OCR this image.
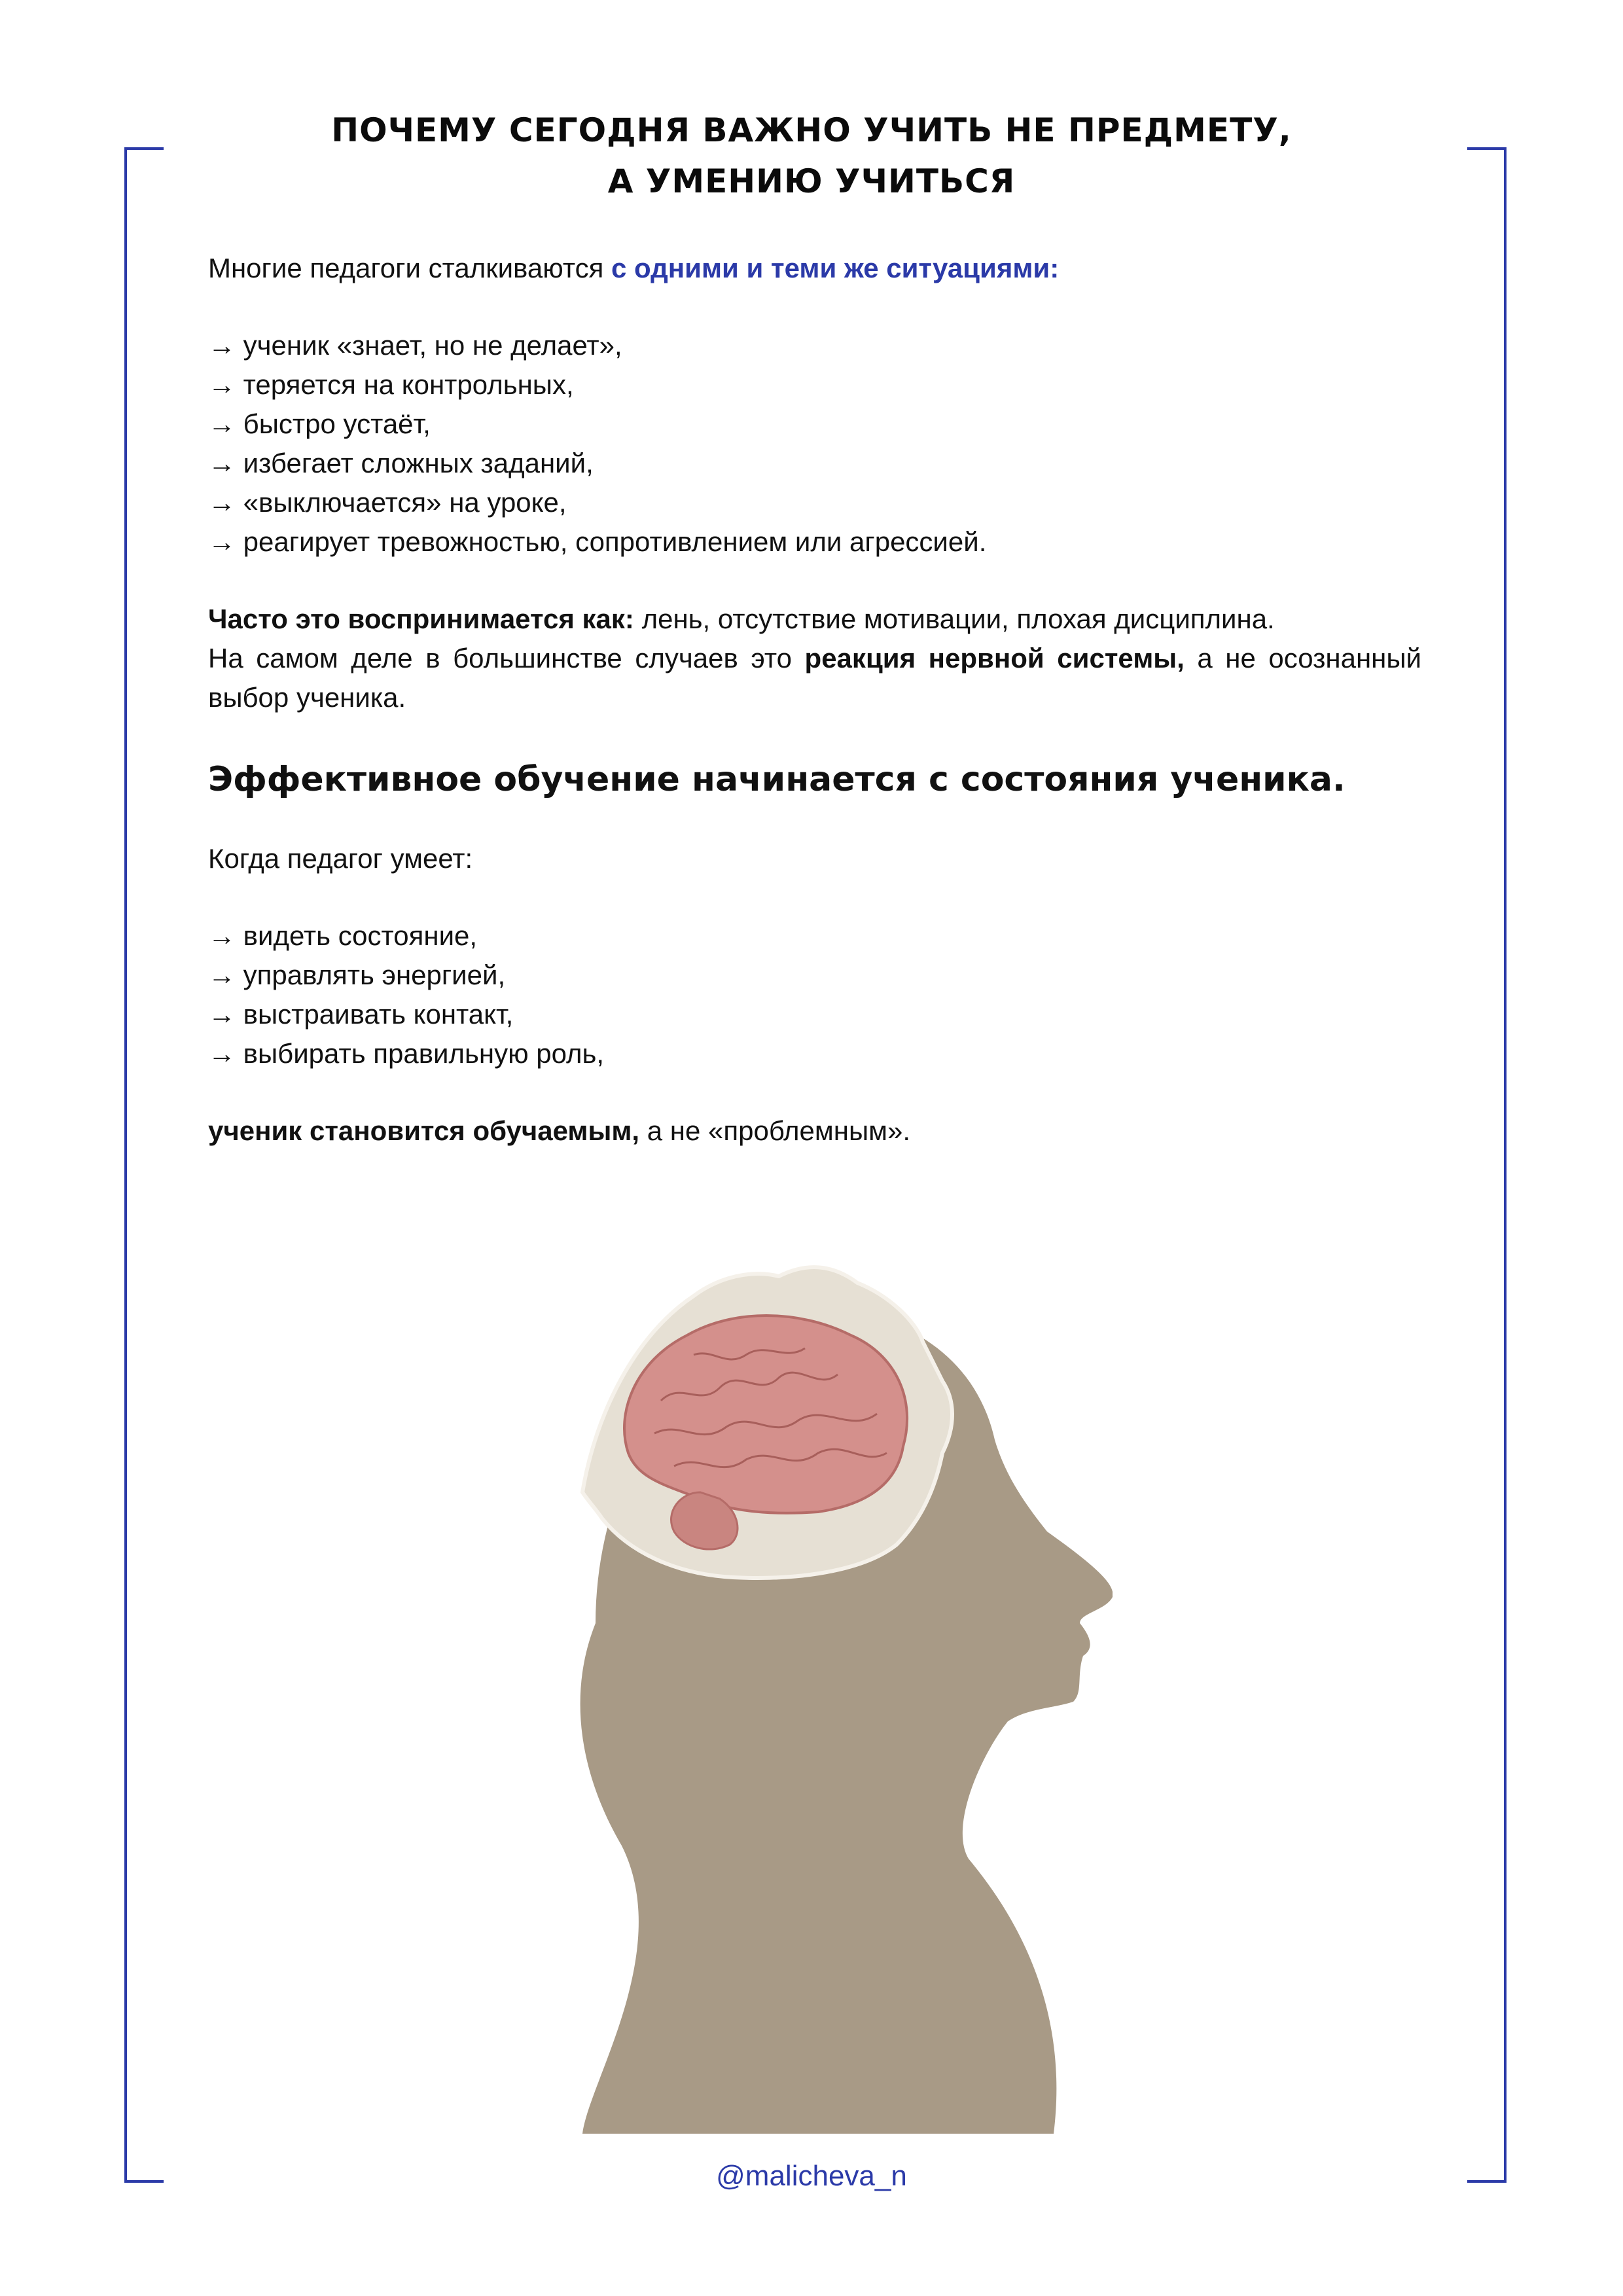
ПОЧЕМУ СЕГОДНЯ ВАЖНО УЧИТЬ НЕ ПРЕДМЕТУ,
А УМЕНИЮ УЧИТЬСЯ

Многие педагоги сталкиваются с одними и теми же ситуациями:

→ ученик «знает, но не делает»,
→ теряется на контрольных,
→ быстро устаёт,
→ избегает сложных заданий,
→ «выключается» на уроке,
→ реагирует тревожностью, сопротивлением или агрессией.

Часто это воспринимается как: лень, отсутствие мотивации, плохая дисциплина.

На самом деле в большинстве случаев это реакция нервной системы, а не осознанный выбор ученика.

Эффективное обучение начинается с состояния ученика.

Когда педагог умеет:

→ видеть состояние,
→ управлять энергией,
→ выстраивать контакт,
→ выбирать правильную роль,

ученик становится обучаемым, а не «проблемным».

@malicheva_n
